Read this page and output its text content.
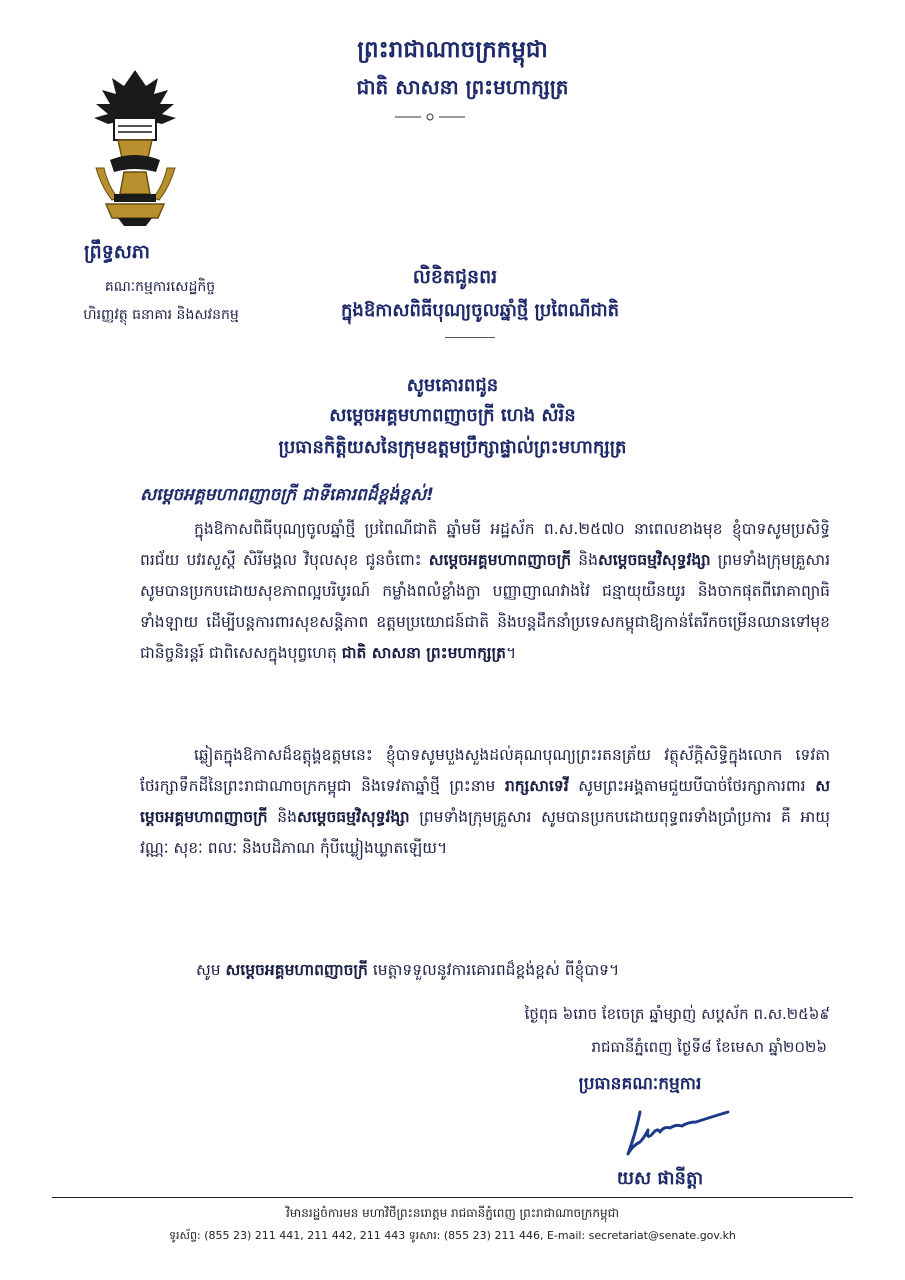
ព្រះរាជាណាចក្រកម្ពុជា
ជាតិ សាសនា ព្រះមហាក្សត្រ
ព្រឹទ្ធសភា
គណៈកម្មការសេដ្ឋកិច្ច
ហិរញ្ញវត្ថុ ធនាគារ និងសវនកម្ម
លិខិតជូនពរ
ក្នុងឱកាសពិធីបុណ្យចូលឆ្នាំថ្មី ប្រពៃណីជាតិ
សូមគោរពជូន
សម្តេចអគ្គមហាពញាចក្រី ហេង សំរិន
ប្រធានកិត្តិយសនៃក្រុមឧត្តមប្រឹក្សាផ្ទាល់ព្រះមហាក្សត្រ
សម្តេចអគ្គមហាពញាចក្រី ជាទីគោរពដ៏ខ្ពង់ខ្ពស់!
ក្នុងឱកាសពិធីបុណ្យចូលឆ្នាំថ្មី ប្រពៃណីជាតិ ឆ្នាំមមី អដ្ឋស័ក ព.ស.២៥៧០ នាពេលខាងមុខ ខ្ញុំបាទសូមប្រសិទ្ធិពរជ័យ បវរសួស្តី សិរីមង្គល វិបុលសុខ ជូនចំពោះ សម្តេចអគ្គមហាពញាចក្រី និងសម្តេចធម្មវិសុទ្ធវង្សា ព្រមទាំងក្រុមគ្រួសារ សូមបានប្រកបដោយសុខភាពល្អបរិបូរណ៍ កម្លាំងពលំខ្លាំងក្លា បញ្ញាញាណវាងវៃ ជន្មាយុយឺនយូរ និងចាកផុតពីរោគាព្យាធិទាំងឡាយ ដើម្បីបន្តការពារសុខសន្តិភាព ឧត្តមប្រយោជន៍ជាតិ និងបន្តដឹកនាំប្រទេសកម្ពុជាឱ្យកាន់តែរីកចម្រើនឈានទៅមុខជានិច្ចនិរន្តរ៍ ជាពិសេសក្នុងបុព្វហេតុ ជាតិ សាសនា ព្រះមហាក្សត្រ។
ឆ្លៀតក្នុងឱកាសដ៏ឧត្តុង្គឧត្តមនេះ ខ្ញុំបាទសូមបួងសួងដល់គុណបុណ្យព្រះរតនត្រ័យ វត្ថុស័ក្តិសិទ្ធិក្នុងលោក ទេវតាថែរក្សាទឹកដីនៃព្រះរាជាណាចក្រកម្ពុជា និងទេវតាឆ្នាំថ្មី ព្រះនាម រាក្សសាទេវី សូមព្រះអង្គតាមជួយបីបាច់ថែរក្សាការពារ សម្តេចអគ្គមហាពញាចក្រី និងសម្តេចធម្មវិសុទ្ធវង្សា ព្រមទាំងក្រុមគ្រួសារ សូមបានប្រកបដោយពុទ្ធពរទាំងប្រាំប្រការ គឺ អាយុ វណ្ណៈ សុខៈ ពលៈ និងបដិភាណ កុំបីឃ្លៀងឃ្លាតឡើយ។
សូម សម្តេចអគ្គមហាពញាចក្រី មេត្តាទទួលនូវការគោរពដ៏ខ្ពង់ខ្ពស់ ពីខ្ញុំបាទ។
ថ្ងៃពុធ ៦រោច ខែចេត្រ ឆ្នាំម្សាញ់ សប្តស័ក ព.ស.២៥៦៩
រាជធានីភ្នំពេញ ថ្ងៃទី៨ ខែមេសា ឆ្នាំ២០២៦
ប្រធានគណៈកម្មការ
យស ផានីត្តា
វិមានរដ្ឋចំការមន មហាវិថីព្រះនរោត្តម រាជធានីភ្នំពេញ ព្រះរាជាណាចក្រកម្ពុជា
ទូរស័ព្ទ: (855 23) 211 441, 211 442, 211 443 ទូរសារ: (855 23) 211 446, E-mail: secretariat@senate.gov.kh
